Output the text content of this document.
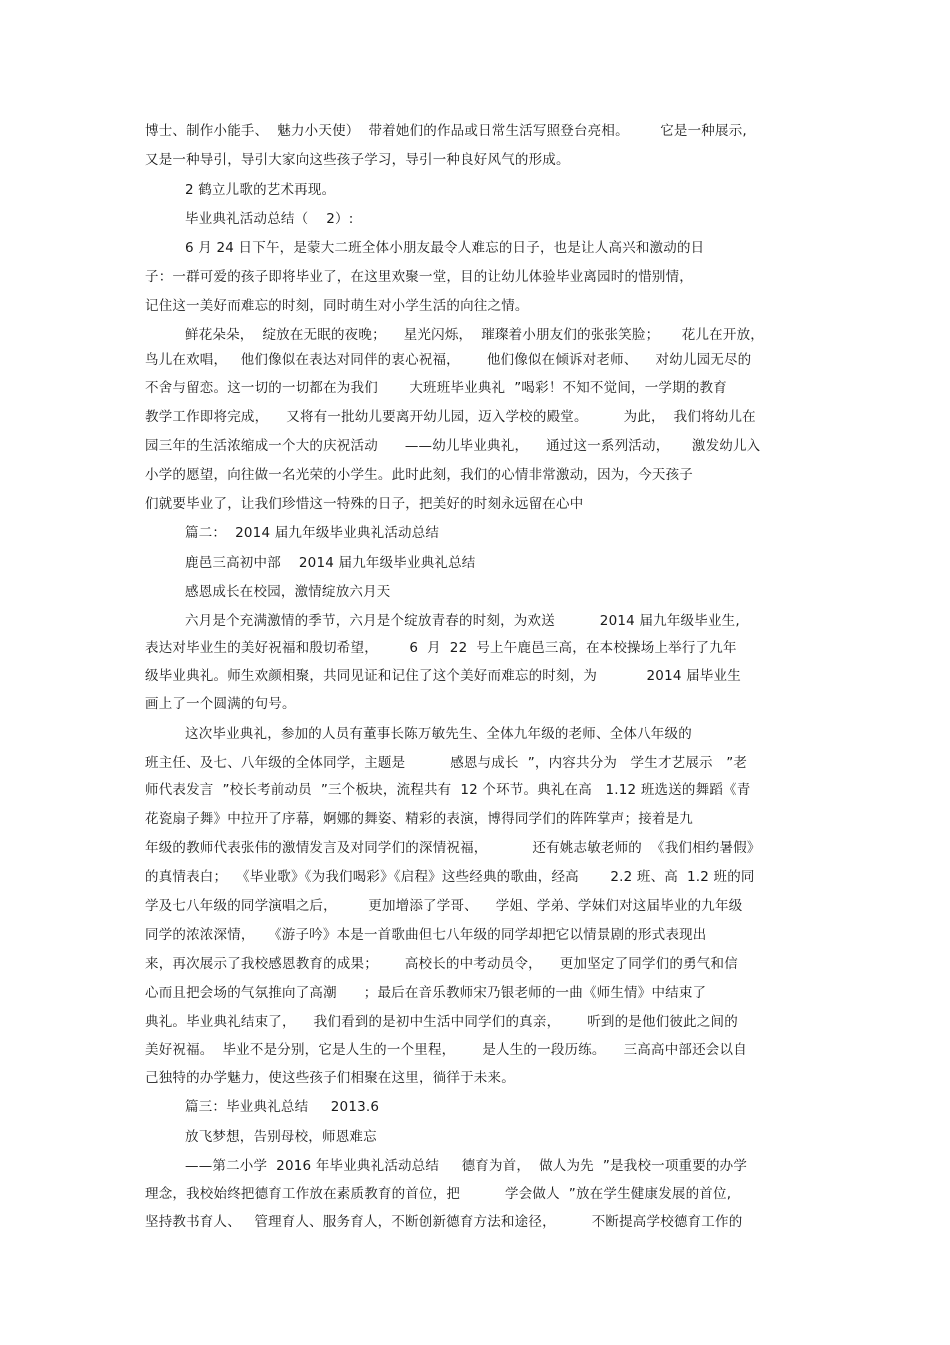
博士、制作小能手、  魅力小天使）  带着她们的作品或日常生活写照登台亮相。       它是一种展示,
又是一种导引，导引大家向这些孩子学习，导引一种良好风气的形成。
2 鹤立儿歌的艺术再现。
毕业典礼活动总结（    2）:
6 月 24 日下午，是蒙大二班全体小朋友最令人难忘的日子，也是让人高兴和激动的日
子：一群可爱的孩子即将毕业了，在这里欢聚一堂，目的让幼儿体验毕业离园时的惜别情，
记住这一美好而难忘的时刻，同时萌生对小学生活的向往之情。
鲜花朵朵，  绽放在无眠的夜晚；    星光闪烁，  璀璨着小朋友们的张张笑脸；     花儿在开放，
鸟儿在欢唱，   他们像似在表达对同伴的衷心祝福，      他们像似在倾诉对老师、    对幼儿园无尽的
不舍与留恋。这一切的一切都在为我们       大班班毕业典礼  ”喝彩！不知不觉间，一学期的教育
教学工作即将完成，    又将有一批幼儿要离开幼儿园，迈入学校的殿堂。        为此，  我们将幼儿在
园三年的生活浓缩成一个大的庆祝活动      ——幼儿毕业典礼，    通过这一系列活动，     激发幼儿入
小学的愿望，向往做一名光荣的小学生。此时此刻，我们的心情非常激动，因为，今天孩子
们就要毕业了，让我们珍惜这一特殊的日子，把美好的时刻永远留在心中
篇二：  2014 届九年级毕业典礼活动总结
鹿邑三高初中部    2014 届九年级毕业典礼总结
感恩成长在校园，激情绽放六月天
六月是个充满激情的季节，六月是个绽放青春的时刻，为欢送          2014 届九年级毕业生,
表达对毕业生的美好祝福和殷切希望，       6  月  22  号上午鹿邑三高，在本校操场上举行了九年
级毕业典礼。师生欢颜相聚，共同见证和记住了这个美好而难忘的时刻，为           2014 届毕业生
画上了一个圆满的句号。
这次毕业典礼，参加的人员有董事长陈万敏先生、全体九年级的老师、全体八年级的
班主任、及七、八年级的全体同学，主题是          感恩与成长  ”，内容共分为   学生才艺展示   ”老
师代表发言  ”校长考前动员  ”三个板块，流程共有  12 个环节。典礼在高   1.12 班选送的舞蹈《青
花瓷扇子舞》中拉开了序幕，婀娜的舞姿、精彩的表演，博得同学们的阵阵掌声；接着是九
年级的教师代表张伟的激情发言及对同学们的深情祝福，          还有姚志敏老师的  《我们相约暑假》
的真情表白；  《毕业歌》《为我们喝彩》《启程》这些经典的歌曲，经高       2.2 班、高  1.2 班的同
学及七八年级的同学演唱之后，       更加增添了学哥、    学姐、学弟、学妹们对这届毕业的九年级
同学的浓浓深情，   《游子吟》本是一首歌曲但七八年级的同学却把它以情景剧的形式表现出
来，再次展示了我校感恩教育的成果；      高校长的中考动员令，    更加坚定了同学们的勇气和信
心而且把会场的气氛推向了高潮      ；最后在音乐教师宋乃银老师的一曲《师生情》中结束了
典礼。毕业典礼结束了，    我们看到的是初中生活中同学们的真亲，      听到的是他们彼此之间的
美好祝福。  毕业不是分别，它是人生的一个里程，      是人生的一段历练。    三高高中部还会以自
己独特的办学魅力，使这些孩子们相聚在这里，徜徉于未来。
篇三：毕业典礼总结     2013.6
放飞梦想，告别母校，师恩难忘
——第二小学  2016 年毕业典礼活动总结     德育为首，  做人为先  ”是我校一项重要的办学
理念，我校始终把德育工作放在素质教育的首位，把          学会做人  ”放在学生健康发展的首位,
坚持教书育人、   管理育人、服务育人，不断创新德育方法和途径，        不断提高学校德育工作的
